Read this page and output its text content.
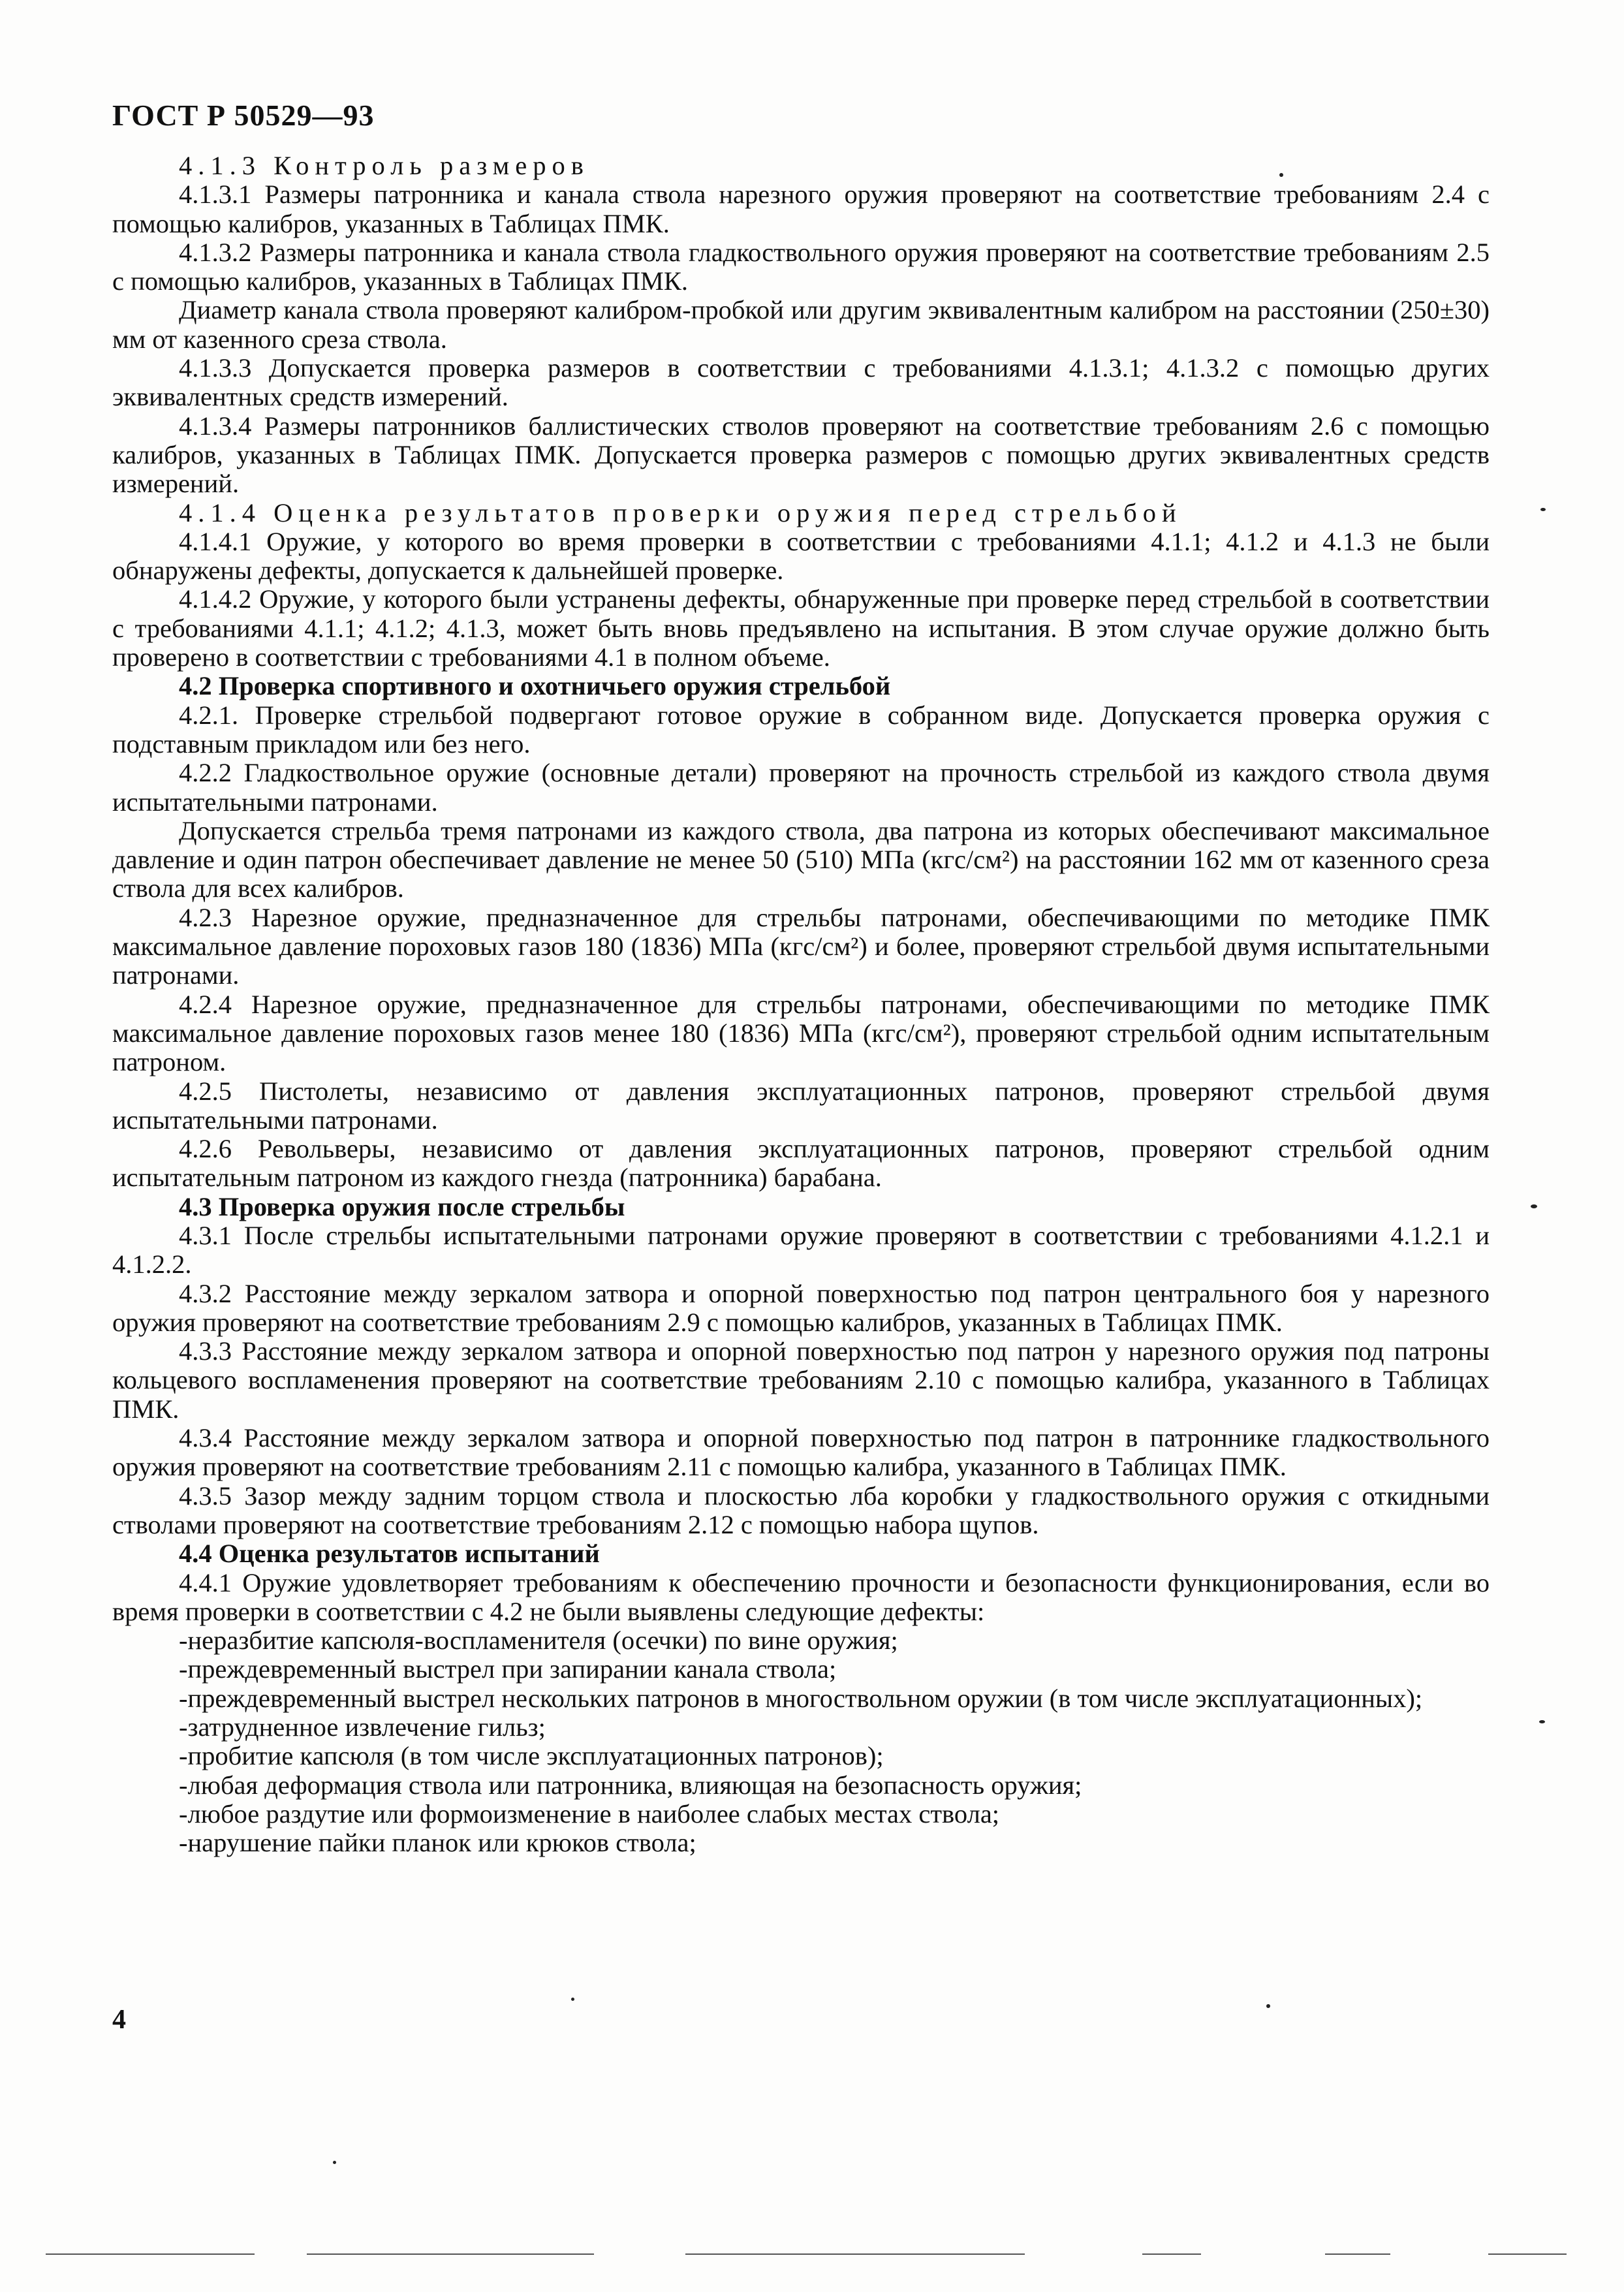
ГОСТ Р 50529—93

4.1.3 Контроль размеров

4.1.3.1 Размеры патронника и канала ствола нарезного оружия проверяют на соответствие требованиям 2.4 с помощью калибров, указанных в Таблицах ПМК.

4.1.3.2 Размеры патронника и канала ствола гладкоствольного оружия проверяют на соответствие требованиям 2.5 с помощью калибров, указанных в Таблицах ПМК.

Диаметр канала ствола проверяют калибром-пробкой или другим эквивалентным калибром на расстоянии (250±30) мм от казенного среза ствола.

4.1.3.3 Допускается проверка размеров в соответствии с требованиями 4.1.3.1; 4.1.3.2 с помощью других эквивалентных средств измерений.

4.1.3.4 Размеры патронников баллистических стволов проверяют на соответствие требованиям 2.6 с помощью калибров, указанных в Таблицах ПМК. Допускается проверка размеров с помощью других эквивалентных средств измерений.

4.1.4 Оценка результатов проверки оружия перед стрельбой

4.1.4.1 Оружие, у которого во время проверки в соответствии с требованиями 4.1.1; 4.1.2 и 4.1.3 не были обнаружены дефекты, допускается к дальнейшей проверке.

4.1.4.2 Оружие, у которого были устранены дефекты, обнаруженные при проверке перед стрельбой в соответствии с требованиями 4.1.1; 4.1.2; 4.1.3, может быть вновь предъявлено на испытания. В этом случае оружие должно быть проверено в соответствии с требованиями 4.1 в полном объеме.

4.2 Проверка спортивного и охотничьего оружия стрельбой

4.2.1. Проверке стрельбой подвергают готовое оружие в собранном виде. Допускается проверка оружия с подставным прикладом или без него.

4.2.2 Гладкоствольное оружие (основные детали) проверяют на прочность стрельбой из каждого ствола двумя испытательными патронами.

Допускается стрельба тремя патронами из каждого ствола, два патрона из которых обеспечивают максимальное давление и один патрон обеспечивает давление не менее 50 (510) МПа (кгс/см²) на расстоянии 162 мм от казенного среза ствола для всех калибров.

4.2.3 Нарезное оружие, предназначенное для стрельбы патронами, обеспечивающими по методике ПМК максимальное давление пороховых газов 180 (1836) МПа (кгс/см²) и более, проверяют стрельбой двумя испытательными патронами.

4.2.4 Нарезное оружие, предназначенное для стрельбы патронами, обеспечивающими по методике ПМК максимальное давление пороховых газов менее 180 (1836) МПа (кгс/см²), проверяют стрельбой одним испытательным патроном.

4.2.5 Пистолеты, независимо от давления эксплуатационных патронов, проверяют стрельбой двумя испытательными патронами.

4.2.6 Револьверы, независимо от давления эксплуатационных патронов, проверяют стрельбой одним испытательным патроном из каждого гнезда (патронника) барабана.

4.3 Проверка оружия после стрельбы

4.3.1 После стрельбы испытательными патронами оружие проверяют в соответствии с требованиями 4.1.2.1 и 4.1.2.2.

4.3.2 Расстояние между зеркалом затвора и опорной поверхностью под патрон центрального боя у нарезного оружия проверяют на соответствие требованиям 2.9 с помощью калибров, указанных в Таблицах ПМК.

4.3.3 Расстояние между зеркалом затвора и опорной поверхностью под патрон у нарезного оружия под патроны кольцевого воспламенения проверяют на соответствие требованиям 2.10 с помощью калибра, указанного в Таблицах ПМК.

4.3.4 Расстояние между зеркалом затвора и опорной поверхностью под патрон в патроннике гладкоствольного оружия проверяют на соответствие требованиям 2.11 с помощью калибра, указанного в Таблицах ПМК.

4.3.5 Зазор между задним торцом ствола и плоскостью лба коробки у гладкоствольного оружия с откидными стволами проверяют на соответствие требованиям 2.12 с помощью набора щупов.

4.4 Оценка результатов испытаний

4.4.1 Оружие удовлетворяет требованиям к обеспечению прочности и безопасности функционирования, если во время проверки в соответствии с 4.2 не были выявлены следующие дефекты:

-неразбитие капсюля-воспламенителя (осечки) по вине оружия;

-преждевременный выстрел при запирании канала ствола;

-преждевременный выстрел нескольких патронов в многоствольном оружии (в том числе эксплуатационных);

-затрудненное извлечение гильз;

-пробитие капсюля (в том числе эксплуатационных патронов);

-любая деформация ствола или патронника, влияющая на безопасность оружия;

-любое раздутие или формоизменение в наиболее слабых местах ствола;

-нарушение пайки планок или крюков ствола;

4
